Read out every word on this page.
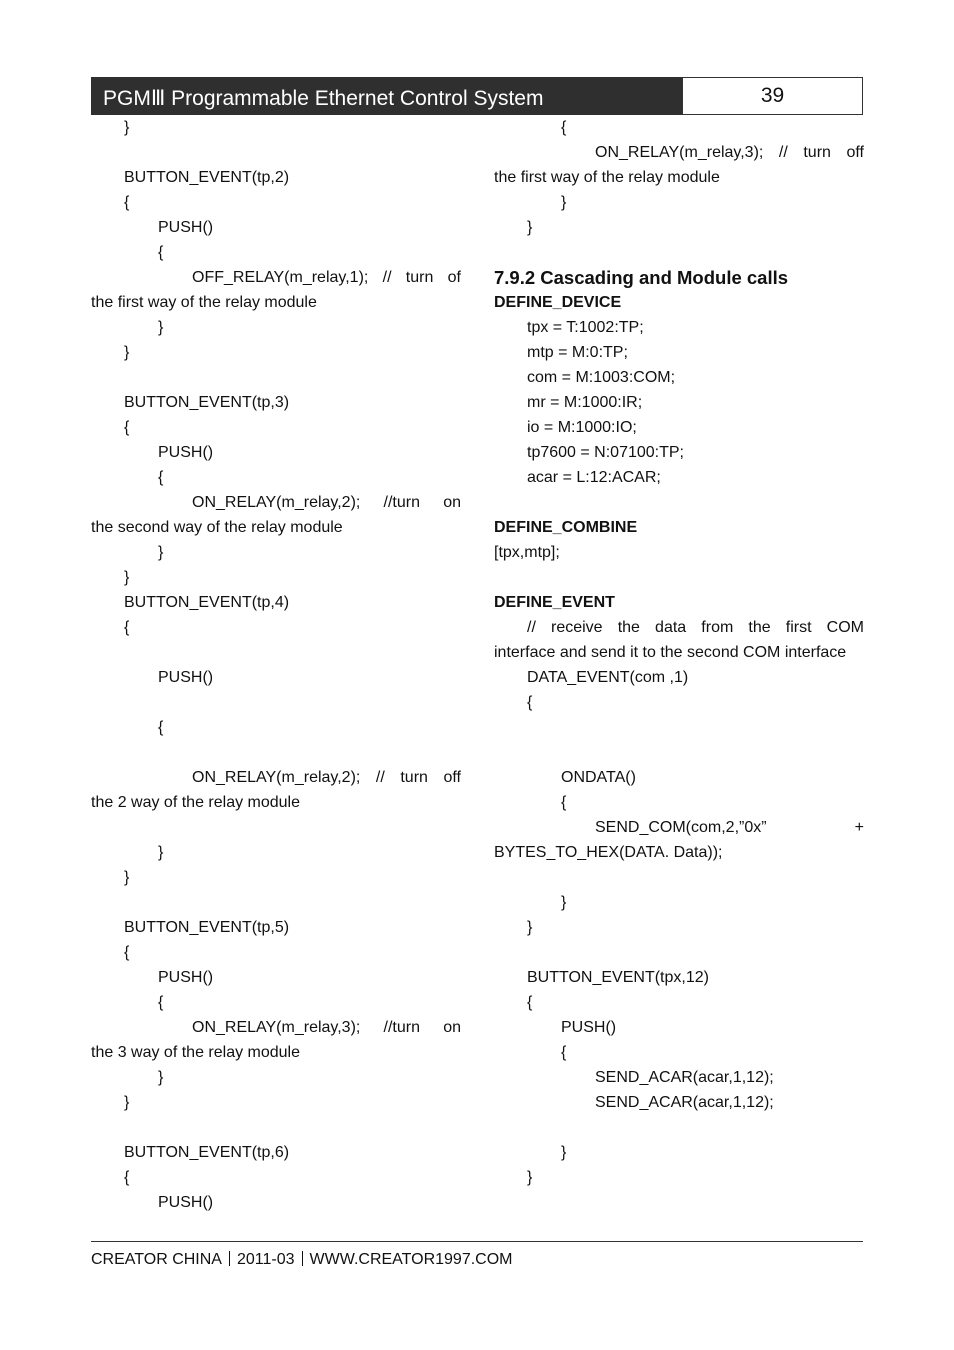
PGMⅢ Programmable Ethernet Control System	39
}
BUTTON_EVENT(tp,2)
{
PUSH()
{
OFF_RELAY(m_relay,1); // turn of
the first way of the relay module
}
}
BUTTON_EVENT(tp,3)
{
PUSH()
{
ON_RELAY(m_relay,2); //turn on
the second way of the relay module
}
}
BUTTON_EVENT(tp,4)
{
PUSH()
{
ON_RELAY(m_relay,2); // turn off
the 2 way of the relay module
}
}
BUTTON_EVENT(tp,5)
{
PUSH()
{
ON_RELAY(m_relay,3); //turn on
the 3 way of the relay module
}
}
BUTTON_EVENT(tp,6)
{
PUSH()
{
ON_RELAY(m_relay,3); // turn off
the first way of the relay module
}
}
7.9.2 Cascading and Module calls
DEFINE_DEVICE
tpx = T:1002:TP;
mtp = M:0:TP;
com = M:1003:COM;
mr = M:1000:IR;
io = M:1000:IO;
tp7600 = N:07100:TP;
acar = L:12:ACAR;
DEFINE_COMBINE
[tpx,mtp];
DEFINE_EVENT
// receive the data from the first COM
interface and send it to the second COM interface
DATA_EVENT(com ,1)
{
ONDATA()
{
SEND_COM(com,2,”0x” +
BYTES_TO_HEX(DATA. Data));
}
}
BUTTON_EVENT(tpx,12)
{
PUSH()
{
SEND_ACAR(acar,1,12);
SEND_ACAR(acar,1,12);
}
}
CREATOR CHINA 2011-03 WWW.CREATOR1997.COM
